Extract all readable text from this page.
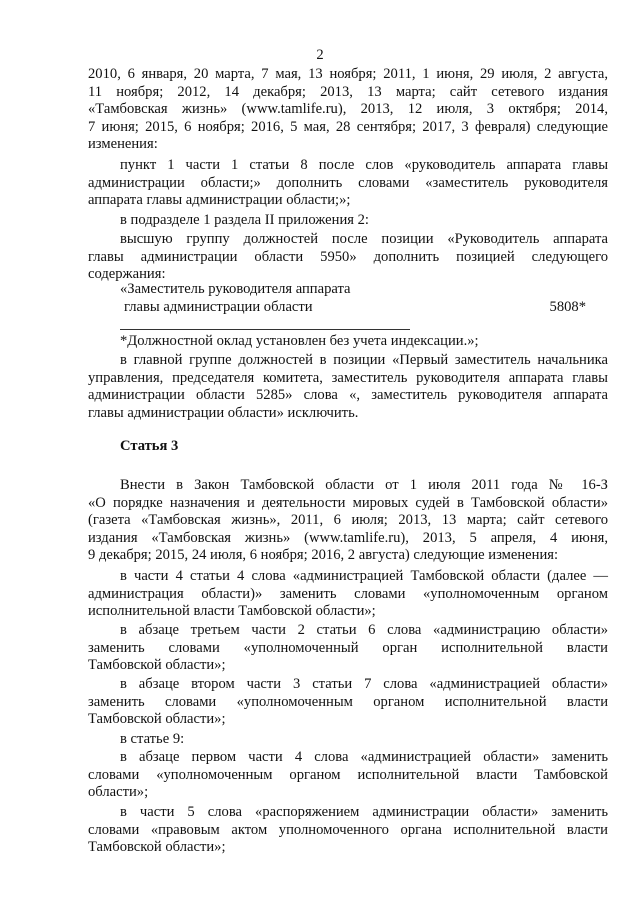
2

2010, 6 января, 20 марта, 7 мая, 13 ноября; 2011, 1 июня, 29 июля, 2 августа,

11 ноября; 2012, 14 декабря; 2013, 13 марта; сайт сетевого издания

«Тамбовская жизнь» (www.tamlife.ru), 2013, 12 июля, 3 октября; 2014,

7 июня; 2015, 6 ноября; 2016, 5 мая, 28 сентября; 2017, 3 февраля) следующие

изменения:

пункт 1 части 1 статьи 8 после слов «руководитель аппарата главы

администрации области;» дополнить словами «заместитель руководителя

аппарата главы администрации области;»;

в подразделе 1 раздела II приложения 2:

высшую группу должностей после позиции «Руководитель аппарата

главы администрации области 5950» дополнить позицией следующего

содержания:

«Заместитель руководителя аппарата

главы администрации области	5808*

*Должностной оклад установлен без учета индексации.»;

в главной группе должностей в позиции «Первый заместитель начальника

управления, председателя комитета, заместитель руководителя аппарата главы

администрации области 5285» слова «, заместитель руководителя аппарата

главы администрации области» исключить.

Статья 3

Внести в Закон Тамбовской области от 1 июля 2011 года № 16-З

«О порядке назначения и деятельности мировых судей в Тамбовской области»

(газета «Тамбовская жизнь», 2011, 6 июля; 2013, 13 марта; сайт сетевого

издания «Тамбовская жизнь» (www.tamlife.ru), 2013, 5 апреля, 4 июня,

9 декабря; 2015, 24 июля, 6 ноября; 2016, 2 августа) следующие изменения:

в части 4 статьи 4 слова «администрацией Тамбовской области (далее —

администрация области)» заменить словами «уполномоченным органом

исполнительной власти Тамбовской области»;

в абзаце третьем части 2 статьи 6 слова «администрацию области»

заменить словами «уполномоченный орган исполнительной власти

Тамбовской области»;

в абзаце втором части 3 статьи 7 слова «администрацией области»

заменить словами «уполномоченным органом исполнительной власти

Тамбовской области»;

в статье 9:

в абзаце первом части 4 слова «администрацией области» заменить

словами «уполномоченным органом исполнительной власти Тамбовской

области»;

в части 5 слова «распоряжением администрации области» заменить

словами «правовым актом уполномоченного органа исполнительной власти

Тамбовской области»;
